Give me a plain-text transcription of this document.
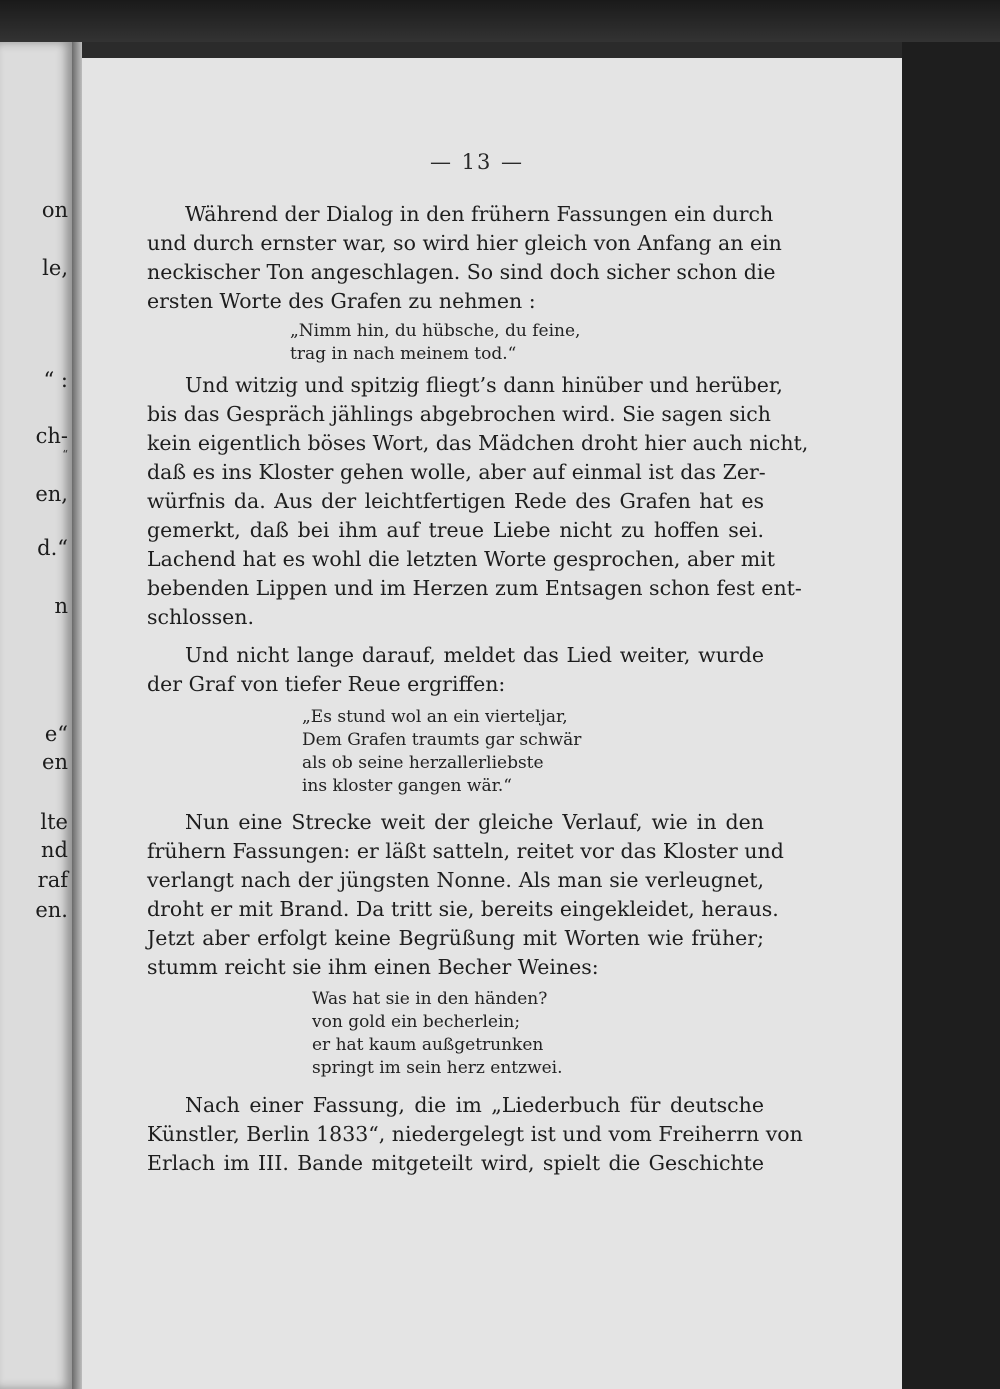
on
le,
“ :
ch-
“
en,
d.“
n
e“
en
lte
nd
raf
en.
— 13 —
Während der Dialog in den frühern Fassungen ein durch
und durch ernster war, so wird hier gleich von Anfang an ein
neckischer Ton angeschlagen. So sind doch sicher schon die
ersten Worte des Grafen zu nehmen :
„Nimm hin, du hübsche, du feine,
trag in nach meinem tod.“
Und witzig und spitzig fliegt’s dann hinüber und herüber,
bis das Gespräch jählings abgebrochen wird. Sie sagen sich
kein eigentlich böses Wort, das Mädchen droht hier auch nicht,
daß es ins Kloster gehen wolle, aber auf einmal ist das Zer-
würfnis da. Aus der leichtfertigen Rede des Grafen hat es
gemerkt, daß bei ihm auf treue Liebe nicht zu hoffen sei.
Lachend hat es wohl die letzten Worte gesprochen, aber mit
bebenden Lippen und im Herzen zum Entsagen schon fest ent-
schlossen.
Und nicht lange darauf, meldet das Lied weiter, wurde
der Graf von tiefer Reue ergriffen:
„Es stund wol an ein vierteljar,
Dem Grafen traumts gar schwär
als ob seine herzallerliebste
ins kloster gangen wär.“
Nun eine Strecke weit der gleiche Verlauf, wie in den
frühern Fassungen: er läßt satteln, reitet vor das Kloster und
verlangt nach der jüngsten Nonne. Als man sie verleugnet,
droht er mit Brand. Da tritt sie, bereits eingekleidet, heraus.
Jetzt aber erfolgt keine Begrüßung mit Worten wie früher;
stumm reicht sie ihm einen Becher Weines:
Was hat sie in den händen?
von gold ein becherlein;
er hat kaum außgetrunken
springt im sein herz entzwei.
Nach einer Fassung, die im „Liederbuch für deutsche
Künstler, Berlin 1833“, niedergelegt ist und vom Freiherrn von
Erlach im III. Bande mitgeteilt wird, spielt die Geschichte
